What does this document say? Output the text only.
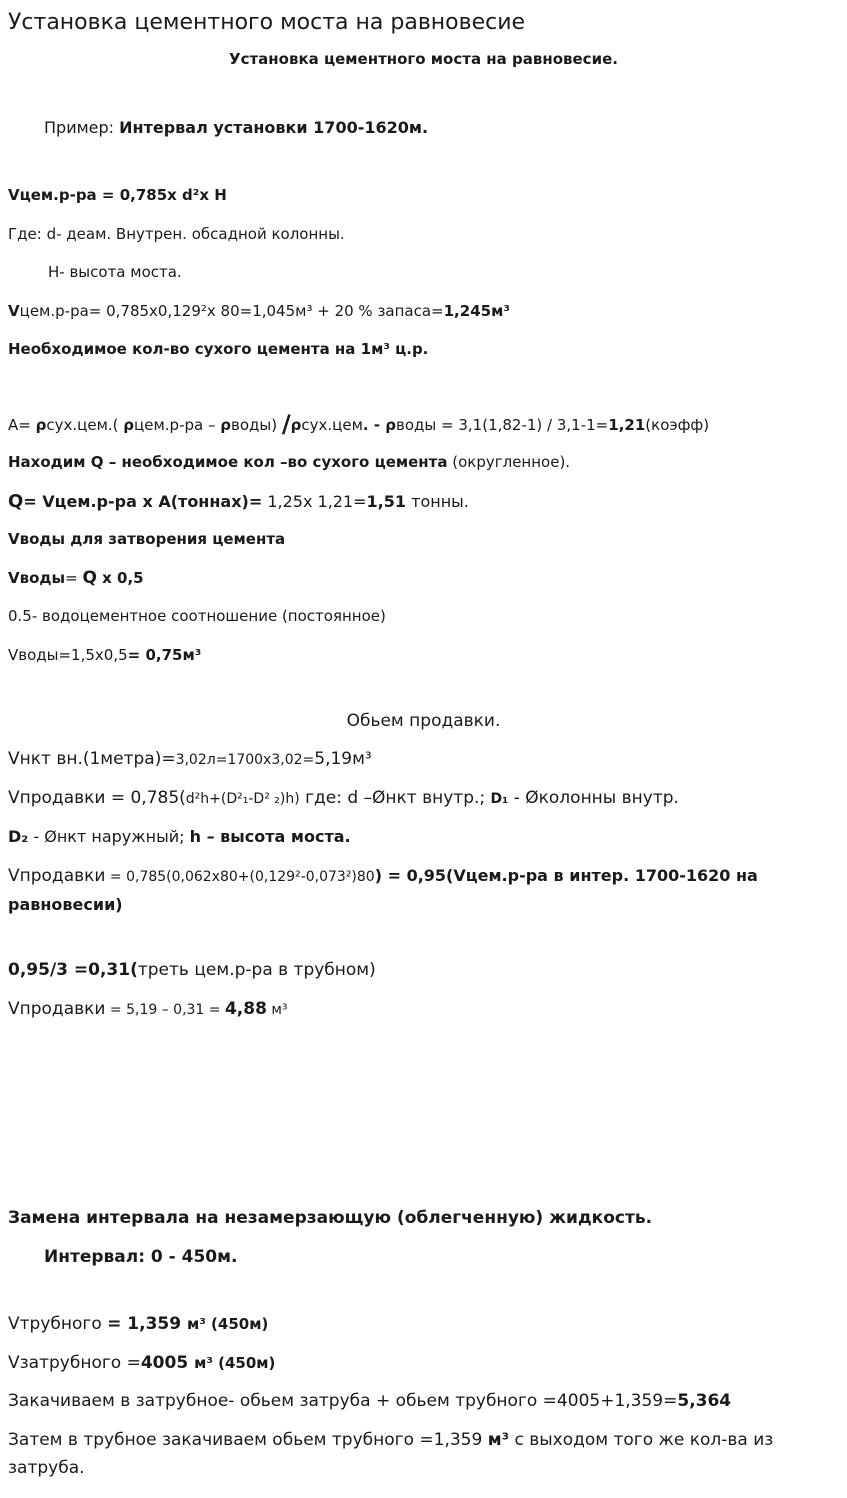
Установка цементного моста на равновесие
Установка цементного моста на равновесие.
Пример: Интервал установки 1700-1620м.
Vцем.р-ра = 0,785х d²х Н
Где: d- деам. Внутрен. обсадной колонны.
Н- высота моста.
Vцем.р-ра= 0,785х0,129²х 80=1,045м³ + 20 % запаса=1,245м³
Необходимое кол-во сухого цемента на 1м³ ц.р.
А= ρсух.цем.( ρцем.р-ра – ρводы) /ρсух.цем. - ρводы = 3,1(1,82-1) / 3,1-1=1,21(коэфф)
Находим Q – необходимое кол –во сухого цемента (округленное).
Q= Vцем.р-ра х А(тоннах)= 1,25х 1,21=1,51 тонны.
Vводы для затворения цемента
Vводы= Q х 0,5
0.5- водоцементное соотношение (постоянное)
Vводы=1,5х0,5= 0,75м³
Обьем продавки.
Vнкт вн.(1метра)=3,02л=1700х3,02=5,19м³
Vпродавки = 0,785(d²h+(D²₁-D² ₂)h) где: d –Øнкт внутр.; D₁ - Øколонны внутр.
D₂ - Øнкт наружный; h – высота моста.
Vпродавки = 0,785(0,062х80+(0,129²-0,073²)80) = 0,95(Vцем.р-ра в интер. 1700-1620 на равновесии)
0,95/3 =0,31(треть цем.р-ра в трубном)
Vпродавки = 5,19 – 0,31 = 4,88 м³
Замена интервала на незамерзающую (облегченную) жидкость.
Интервал: 0 - 450м.
Vтрубного = 1,359 м³ (450м)
Vзатрубного =4005 м³ (450м)
Закачиваем в затрубное- обьем затруба + обьем трубного =4005+1,359=5,364
Затем в трубное закачиваем обьем трубного =1,359 м³ с выходом того же кол-ва из затруба.
